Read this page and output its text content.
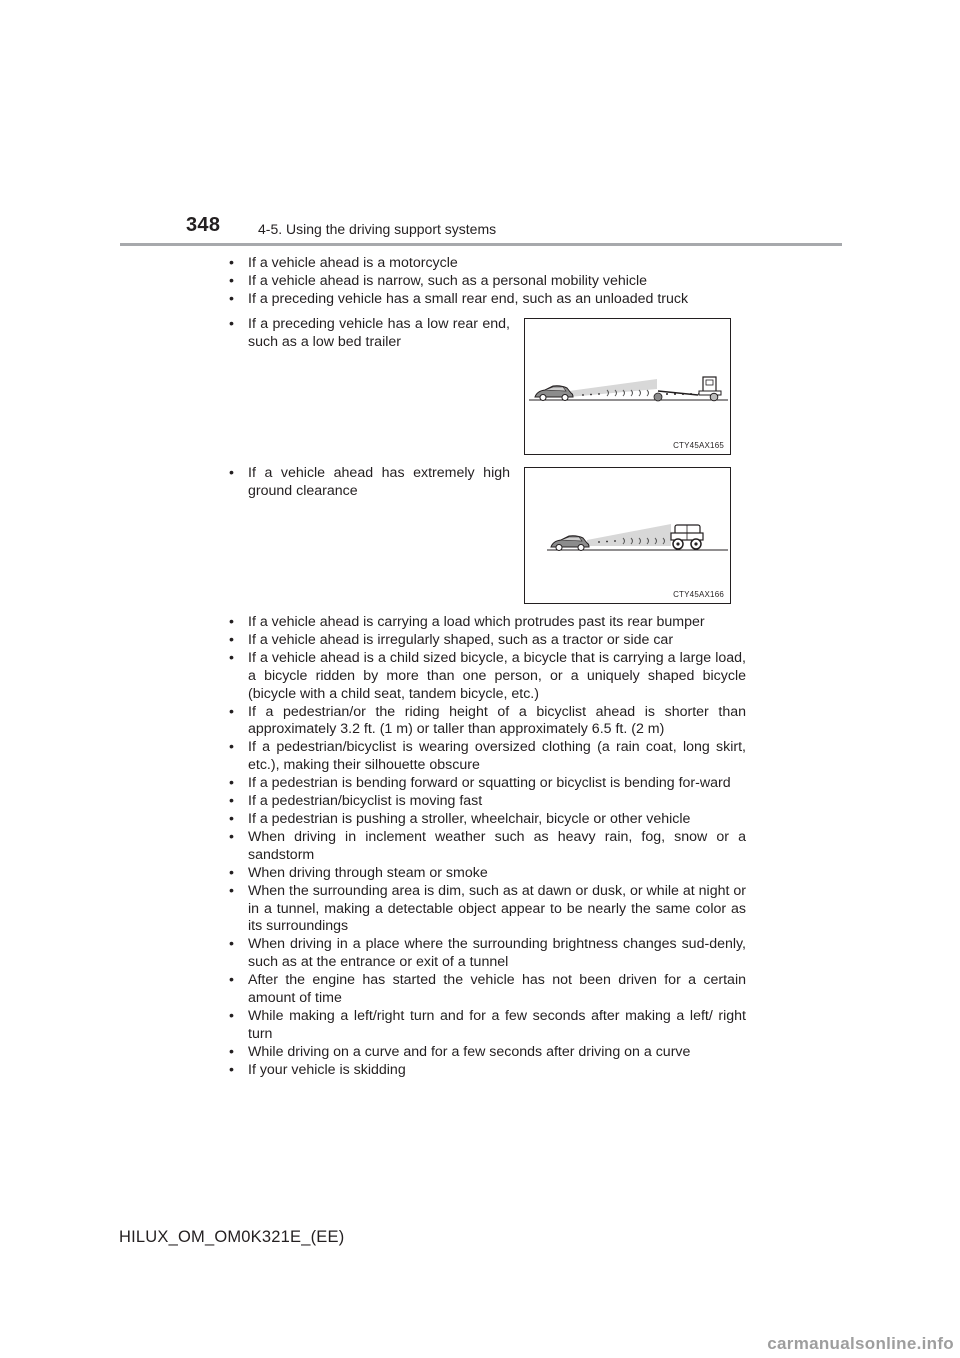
348	4-5. Using the driving support systems
• If a vehicle ahead is a motorcycle
• If a vehicle ahead is narrow, such as a personal mobility vehicle
• If a preceding vehicle has a small rear end, such as an unloaded truck
• If a preceding vehicle has a low rear end, such as a low bed trailer
CTY45AX165
• If a vehicle ahead has extremely high ground clearance
CTY45AX166
• If a vehicle ahead is carrying a load which protrudes past its rear bumper
• If a vehicle ahead is irregularly shaped, such as a tractor or side car
• If a vehicle ahead is a child sized bicycle, a bicycle that is carrying a large load, a bicycle ridden by more than one person, or a uniquely shaped bicycle (bicycle with a child seat, tandem bicycle, etc.)
• If a pedestrian/or the riding height of a bicyclist ahead is shorter than approximately 3.2 ft. (1 m) or taller than approximately 6.5 ft. (2 m)
• If a pedestrian/bicyclist is wearing oversized clothing (a rain coat, long skirt, etc.), making their silhouette obscure
• If a pedestrian is bending forward or squatting or bicyclist is bending for-ward
• If a pedestrian/bicyclist is moving fast
• If a pedestrian is pushing a stroller, wheelchair, bicycle or other vehicle
• When driving in inclement weather such as heavy rain, fog, snow or a sandstorm
• When driving through steam or smoke
• When the surrounding area is dim, such as at dawn or dusk, or while at night or in a tunnel, making a detectable object appear to be nearly the same color as its surroundings
• When driving in a place where the surrounding brightness changes sud-denly, such as at the entrance or exit of a tunnel
• After the engine has started the vehicle has not been driven for a certain amount of time
• While making a left/right turn and for a few seconds after making a left/ right turn
• While driving on a curve and for a few seconds after driving on a curve
• If your vehicle is skidding
HILUX_OM_OM0K321E_(EE)
carmanualsonline.info
